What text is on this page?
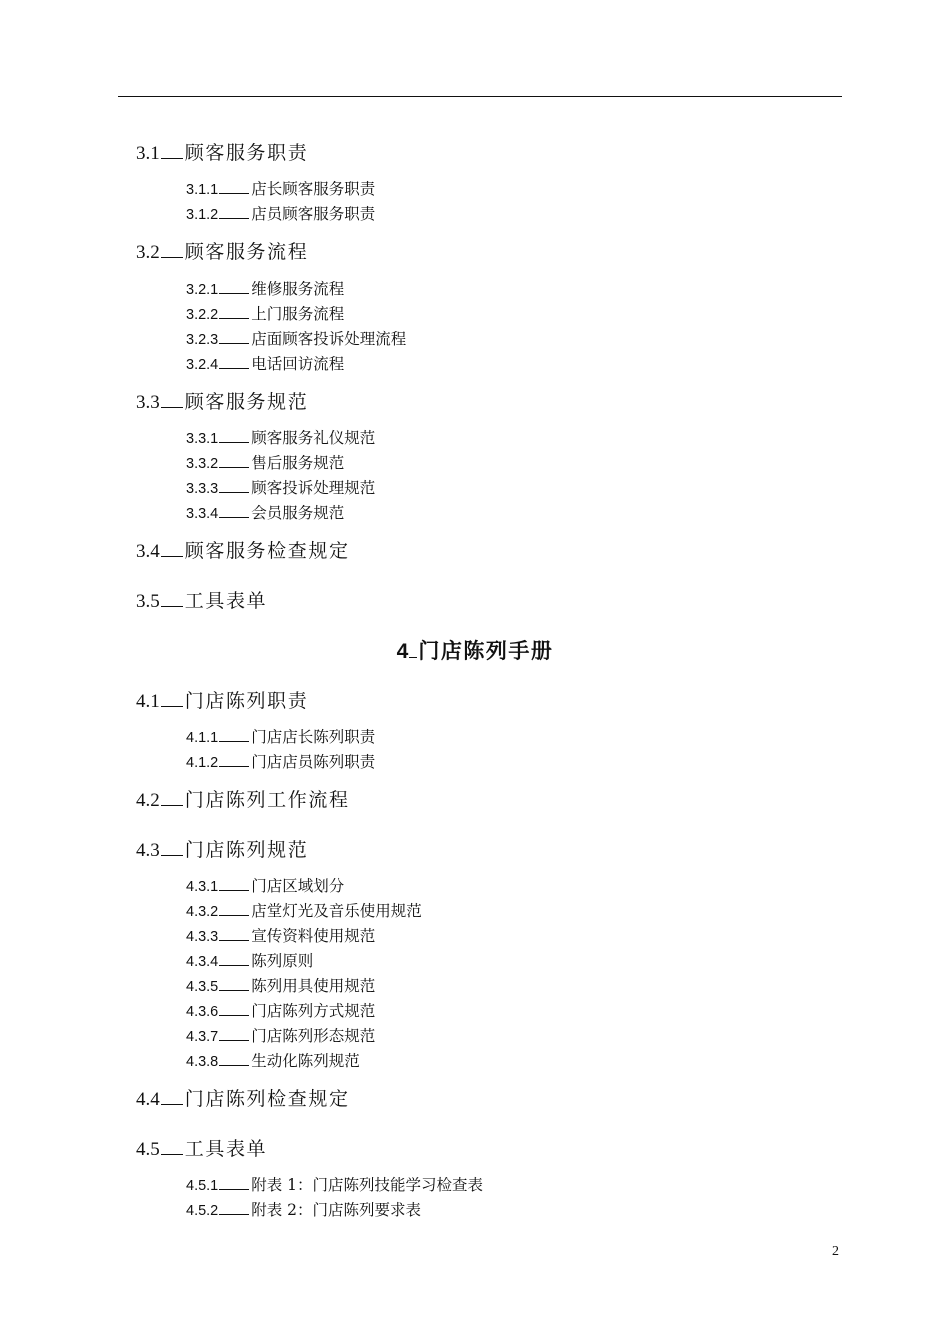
3.1 顾客服务职责
3.1.1 店长顾客服务职责
3.1.2 店员顾客服务职责
3.2 顾客服务流程
3.2.1 维修服务流程
3.2.2 上门服务流程
3.2.3 店面顾客投诉处理流程
3.2.4 电话回访流程
3.3 顾客服务规范
3.3.1 顾客服务礼仪规范
3.3.2 售后服务规范
3.3.3 顾客投诉处理规范
3.3.4 会员服务规范
3.4 顾客服务检查规定
3.5 工具表单
4.1 门店陈列职责
4.1.1 门店店长陈列职责
4.1.2 门店店员陈列职责
4.2 门店陈列工作流程
4.3 门店陈列规范
4.3.1 门店区域划分
4.3.2 店堂灯光及音乐使用规范
4.3.3 宣传资料使用规范
4.3.4 陈列原则
4.3.5 陈列用具使用规范
4.3.6 门店陈列方式规范
4.3.7 门店陈列形态规范
4.3.8 生动化陈列规范
4.4 门店陈列检查规定
4.5 工具表单
4.5.1 附表 1：门店陈列技能学习检查表
4.5.2 附表 2：门店陈列要求表
4 门店陈列手册
2
